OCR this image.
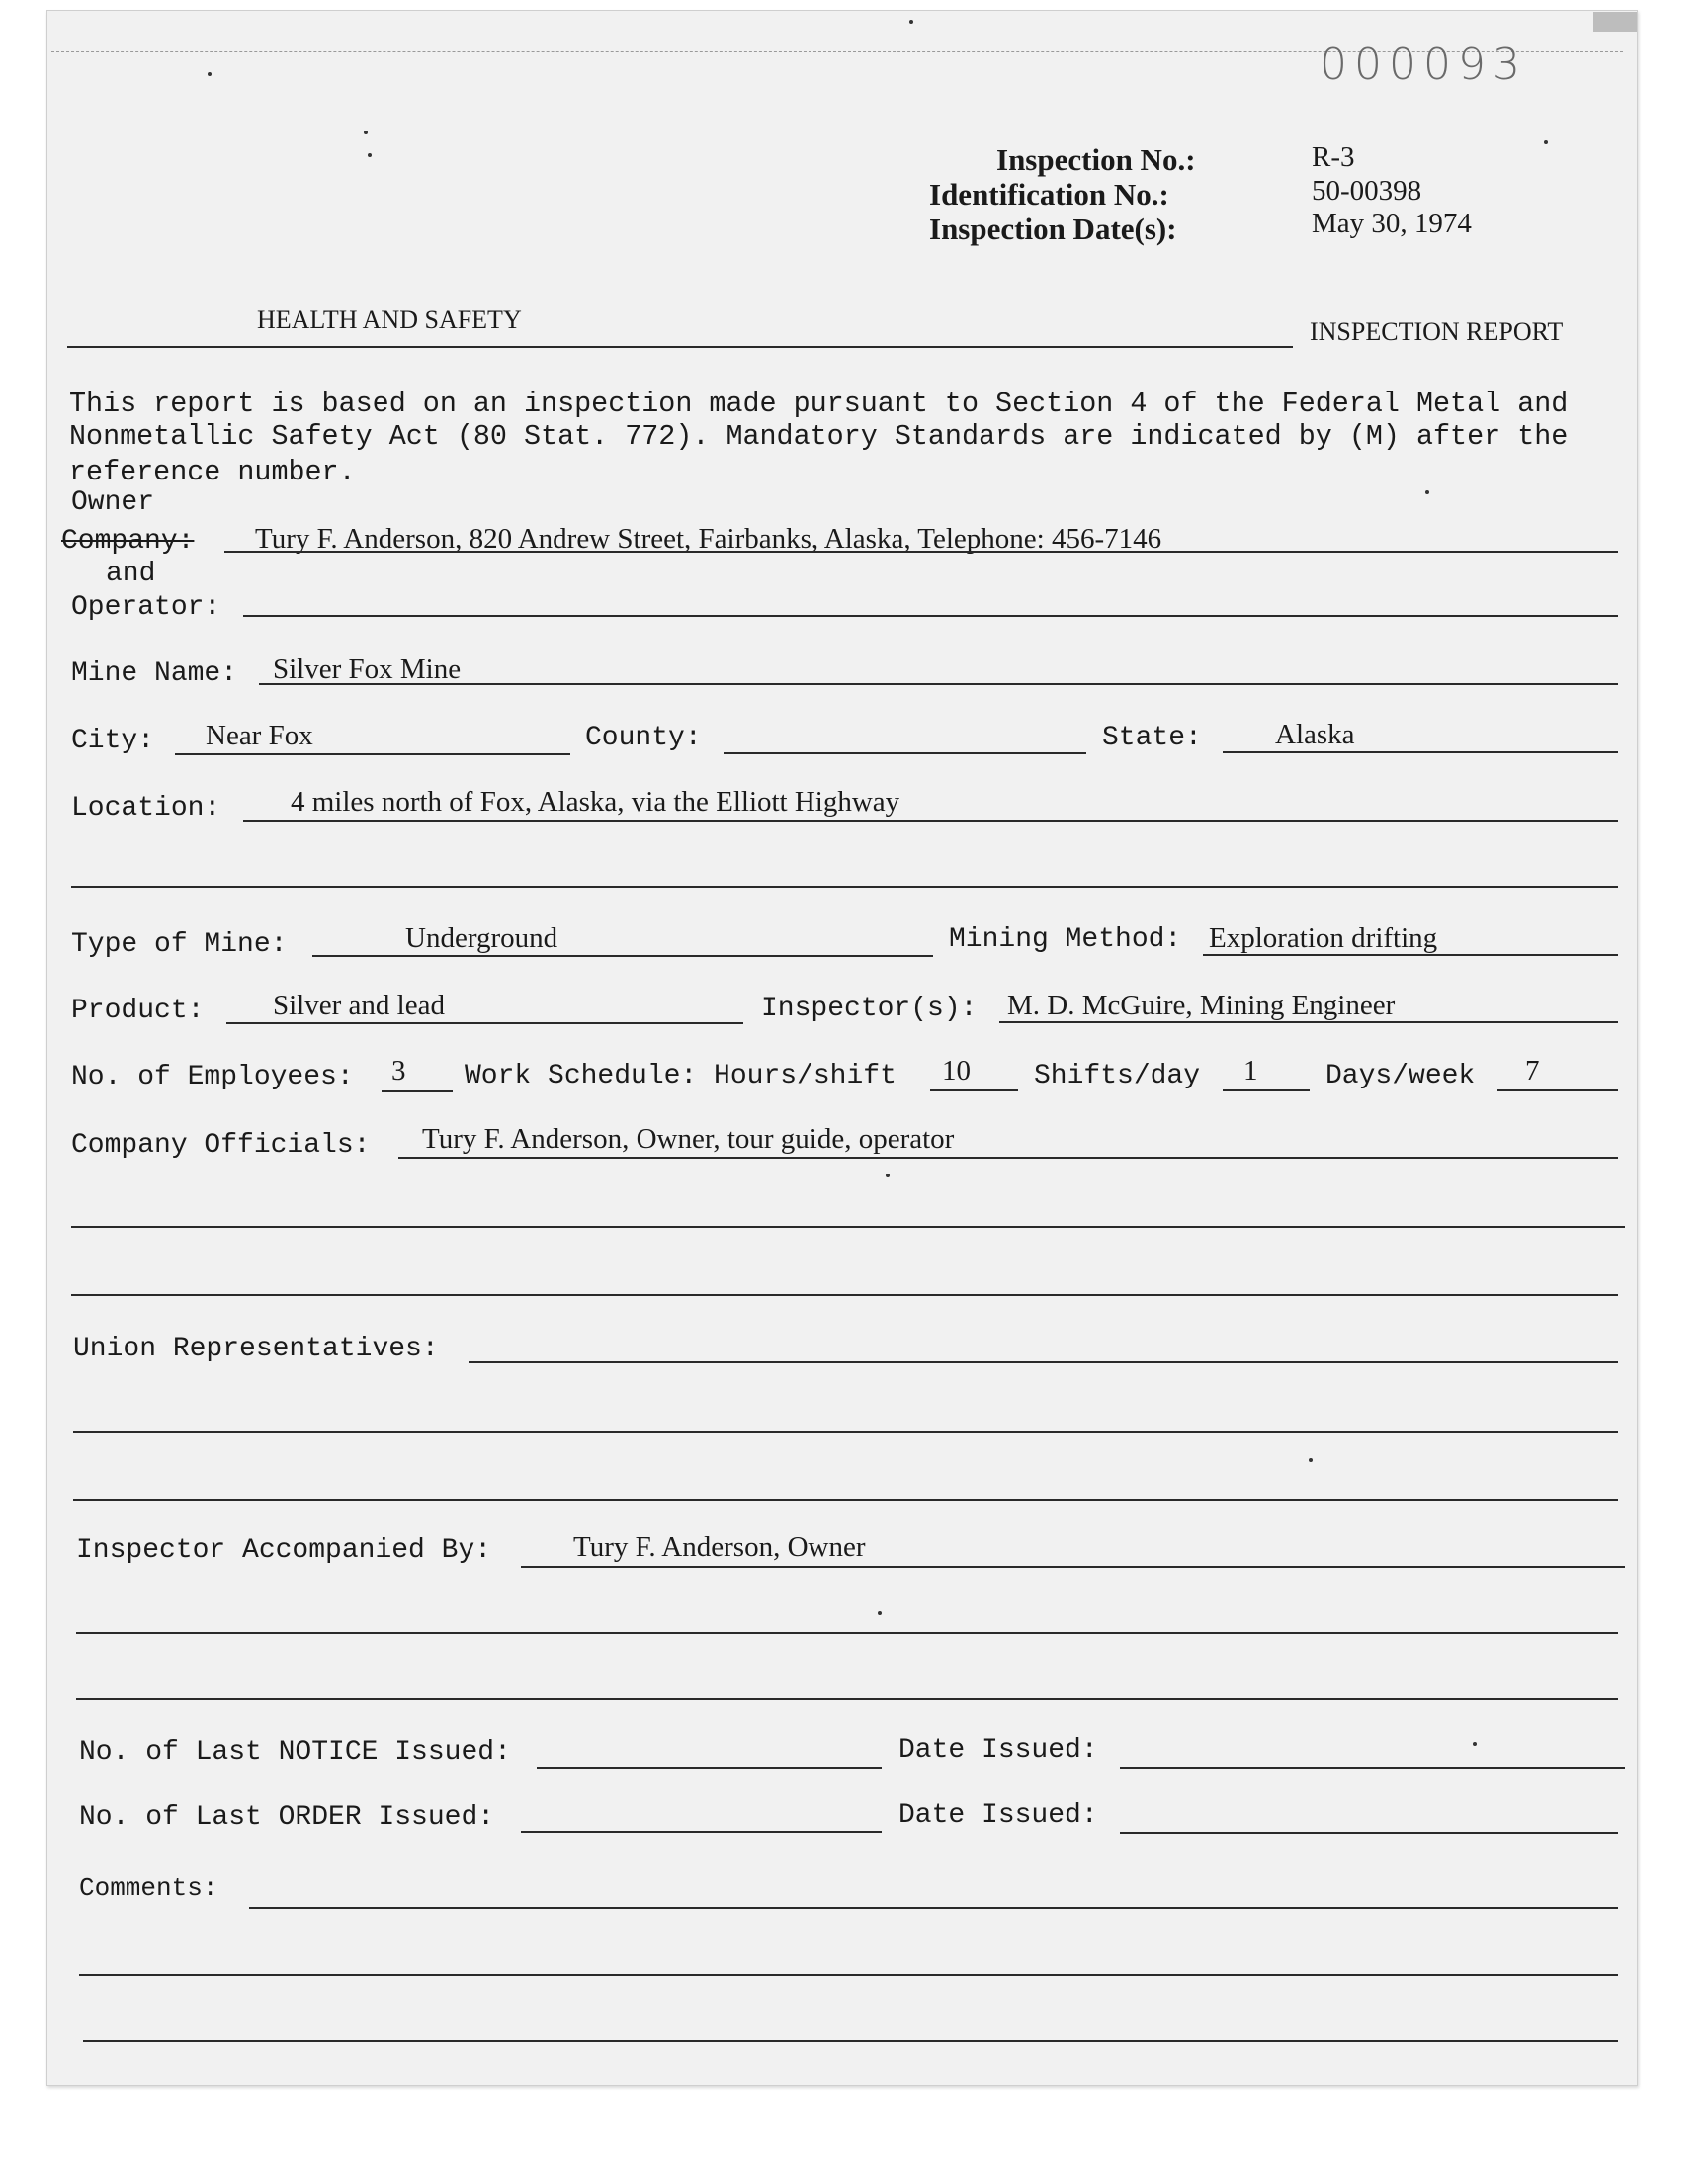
000093
Inspection No.:	R-3
Identification No.:	50-00398
Inspection Date(s):	May 30, 1974
HEALTH AND SAFETY	INSPECTION REPORT
This report is based on an inspection made pursuant to Section 4 of the Federal Metal and
Nonmetallic Safety Act (80 Stat. 772). Mandatory Standards are indicated by (M) after the
reference number.
Owner
Company: Tury F. Anderson, 820 Andrew Street, Fairbanks, Alaska, Telephone: 456-7146
and
Operator:
Mine Name: Silver Fox Mine
City: Near Fox	County:	State:	Alaska
Location: 4 miles north of Fox, Alaska, via the Elliott Highway
Type of Mine:	Underground	Mining Method: Exploration drifting
Product: Silver and lead	Inspector(s): M. D. McGuire, Mining Engineer
No. of Employees: 3 Work Schedule: Hours/shift 10 Shifts/day 1 Days/week 7
Company Officials: Tury F. Anderson, Owner, tour guide, operator
Union Representatives:
Inspector Accompanied By:	Tury F. Anderson, Owner
No. of Last NOTICE Issued:	Date Issued:
No. of Last ORDER Issued:	Date Issued:
Comments:
